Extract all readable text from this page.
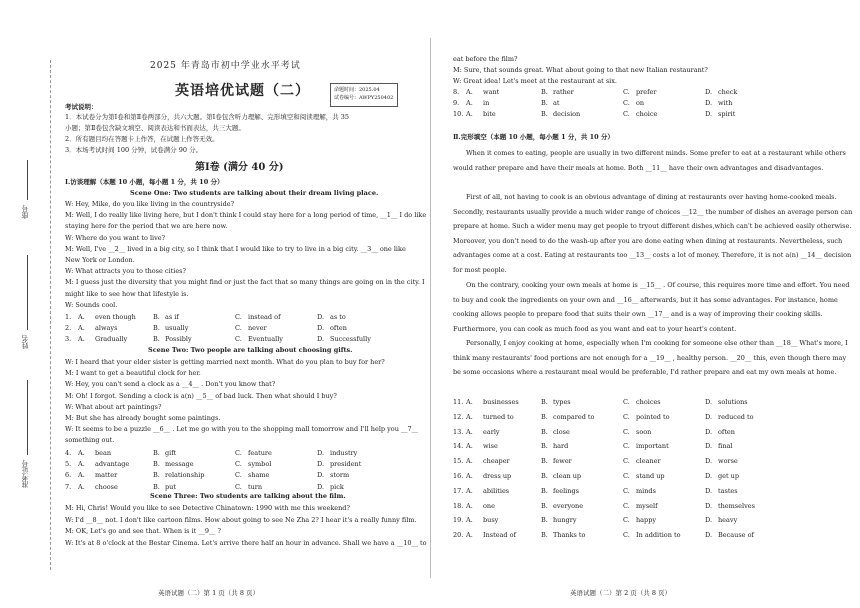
座号
姓名
准考证号
2025 年青岛市初中学业水平考试
英语培优试题（二）	命题时间：2025.04
试卷编号：AWPY250402
考试说明：
1．本试卷分为第Ⅰ卷和第Ⅱ卷两部分，共六大题。第Ⅰ卷包含听力理解、完形填空和阅读理解，共 35
小题；第Ⅱ卷包含缺文填空、阅读表达和书面表达，共三大题。
2．所有题目均在答题卡上作答，在试题上作答无效。
3．本场考试时间 100 分钟，试卷满分 90 分。
第Ⅰ卷 (满分 40 分)
Ⅰ.访谈理解（本题 10 小题，每小题 1 分，共 10 分）
Scene One: Two students are talking about their dream living place.
W: Hey, Mike, do you like living in the countryside?
M: Well, I do really like living here, but I don't think I could stay here for a long period of time, __1__ I do like
staying here for the period that we are here now.
W: Where do you want to live?
M: Well, I've __2__ lived in a big city, so I think that I would like to try to live in a big city. __3__ one like
New York or London.
W: What attracts you to those cities?
M: I guess just the diversity that you might find or just the fact that so many things are going on in the city. I
might like to see how that lifestyle is.
W: Sounds cool.
1. A. even though	B. as if	C. instead of	D. as to
2. A. always	B. usually	C. never	D. often
3. A. Gradually	B. Possibly	C. Eventually	D. Successfully
Scene Two: Two people are talking about choosing gifts.
W: I heard that your elder sister is getting married next month. What do you plan to buy for her?
M: I want to get a beautiful clock for her.
W: Hey, you can't send a clock as a __4__ . Don't you know that?
M: Oh! I forgot. Sending a clock is a(n) __5__ of bad luck. Then what should I buy?
W: What about art paintings?
M: But she has already bought some paintings.
W: It seems to be a puzzle __6__ . Let me go with you to the shopping mall tomorrow and I'll help you __7__
something out.
4. A. bean	B. gift	C. feature	D. industry
5. A. advantage	B. message	C. symbol	D. president
6. A. matter	B. relationship	C. shame	D. storm
7. A. choose	B. put	C. turn	D. pick
Scene Three: Two students are talking about the film.
M: Hi, Chris! Would you like to see Detective Chinatown: 1990 with me this weekend?
W: I'd __8__ not. I don't like cartoon films. How about going to see Ne Zha 2? I hear it's a really funny film.
M: OK, Let's go and see that. When is it __9__ ?
W: It's at 8 o'clock at the Bestar Cinema. Let's arrive there half an hour in advance. Shall we have a __10__ to
英语试题（二）第 1 页（共 8 页）
eat before the film?
M: Sure, that sounds great. What about going to that new Italian restaurant?
W: Great idea! Let's meet at the restaurant at six.
8. A. want	B. rather	C. prefer	D. check
9. A. in	B. at	C. on	D. with
10. A. bite	B. decision	C. choice	D. spirit
Ⅱ.完形填空（本题 10 小题，每小题 1 分，共 10 分）
When it comes to eating, people are usually in two different minds. Some prefer to eat at a restaurant while others would rather prepare and have their meals at home. Both __11__ have their own advantages and disadvantages.
First of all, not having to cook is an obvious advantage of dining at restaurants over having home-cooked meals. Secondly, restaurants usually provide a much wider range of choices __12__ the number of dishes an average person can prepare at home. Such a wider menu may get people to tryout different dishes,which can't be achieved easily otherwise. Moreover, you don't need to do the wash-up after you are done eating when dining at restaurants. Nevertheless, such advantages come at a cost. Eating at restaurants too __13__ costs a lot of money. Therefore, it is not a(n) __14__ decision for most people.
On the contrary, cooking your own meals at home is __15__ . Of course, this requires more time and effort. You need to buy and cook the ingredients on your own and __16__ afterwards, but it has some advantages. For instance, home cooking allows people to prepare food that suits their own __17__ and is a way of improving their cooking skills. Furthermore, you can cook as much food as you want and eat to your heart's content.
Personally, I enjoy cooking at home, especially when I'm cooking for someone else other than __18__ What's more, I think many restaurants' food portions are not enough for a __19__ , healthy person. __20__ this, even though there may be some occasions where a restaurant meal would be preferable, I'd rather prepare and eat my own meals at home.
11. A. businesses	B. types	C. choices	D. solutions
12. A. turned to	B. compared to	C. pointed to	D. reduced to
13. A. early	B. close	C. soon	D. often
14. A. wise	B. hard	C. important	D. final
15. A. cheaper	B. fewer	C. cleaner	D. worse
16. A. dress up	B. clean up	C. stand up	D. get up
17. A. abilities	B. feelings	C. minds	D. tastes
18. A. one	B. everyone	C. myself	D. themselves
19. A. busy	B. hungry	C. happy	D. heavy
20. A. Instead of	B. Thanks to	C. In addition to	D. Because of
英语试题（二）第 2 页（共 8 页）
